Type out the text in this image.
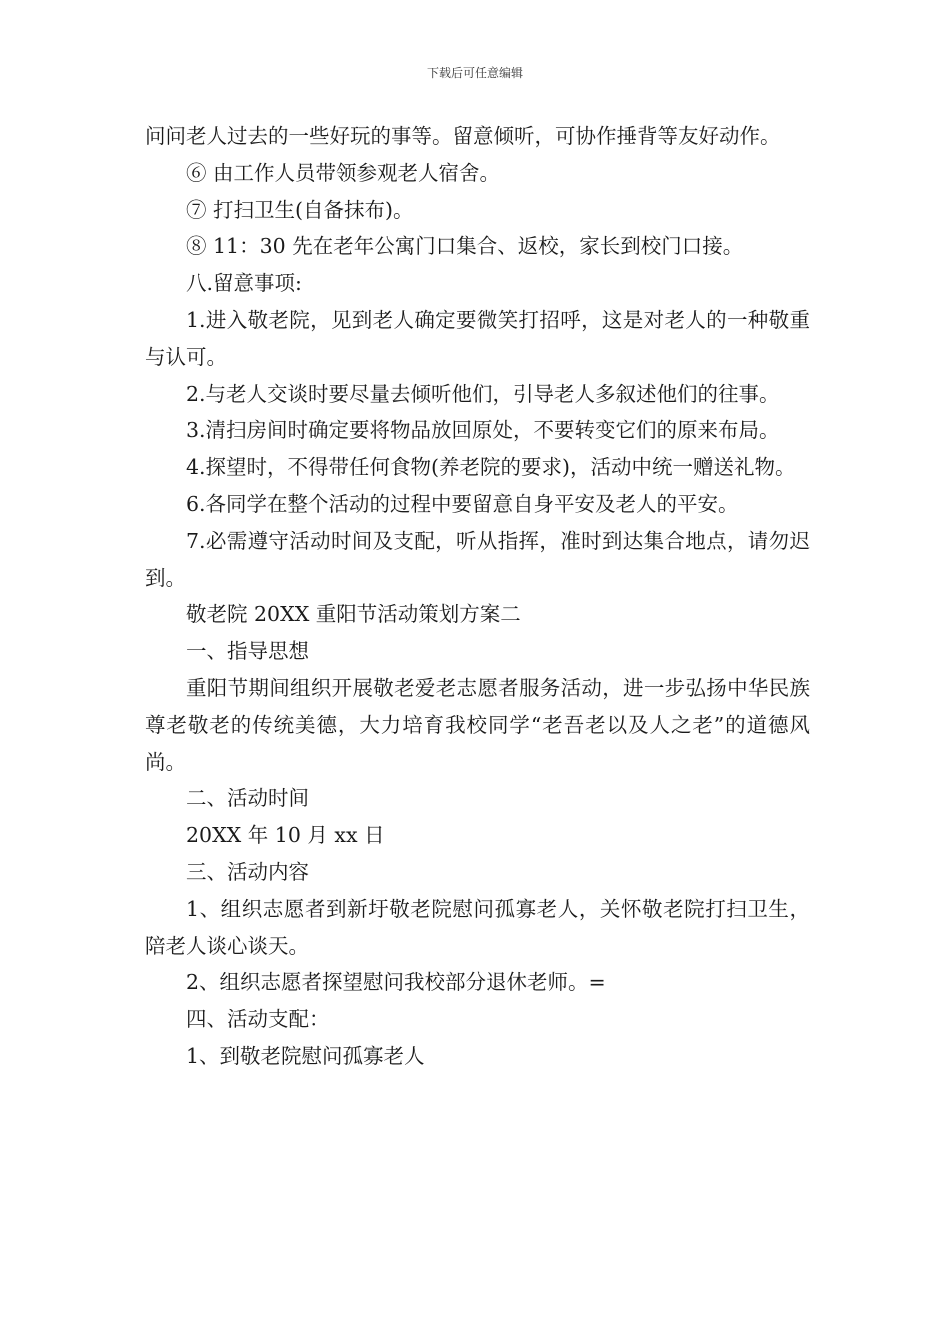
下载后可任意编辑

问问老人过去的一些好玩的事等。留意倾听，可协作捶背等友好动作。

⑥ 由工作人员带领参观老人宿舍。

⑦ 打扫卫生(自备抹布)。

⑧ 11：30 先在老年公寓门口集合、返校，家长到校门口接。

八.留意事项:

1.进入敬老院，见到老人确定要微笑打招呼，这是对老人的一种敬重与认可。

2.与老人交谈时要尽量去倾听他们，引导老人多叙述他们的往事。

3.清扫房间时确定要将物品放回原处，不要转变它们的原来布局。

4.探望时，不得带任何食物(养老院的要求)，活动中统一赠送礼物。

6.各同学在整个活动的过程中要留意自身平安及老人的平安。

7.必需遵守活动时间及支配，听从指挥，准时到达集合地点，请勿迟到。

敬老院 20XX 重阳节活动策划方案二

一、指导思想

重阳节期间组织开展敬老爱老志愿者服务活动，进一步弘扬中华民族尊老敬老的传统美德，大力培育我校同学“老吾老以及人之老”的道德风尚。

二、活动时间

20XX 年 10 月 xx 日

三、活动内容

1、组织志愿者到新圩敬老院慰问孤寡老人，关怀敬老院打扫卫生，陪老人谈心谈天。

2、组织志愿者探望慰问我校部分退休老师。=

四、活动支配：

1、到敬老院慰问孤寡老人
